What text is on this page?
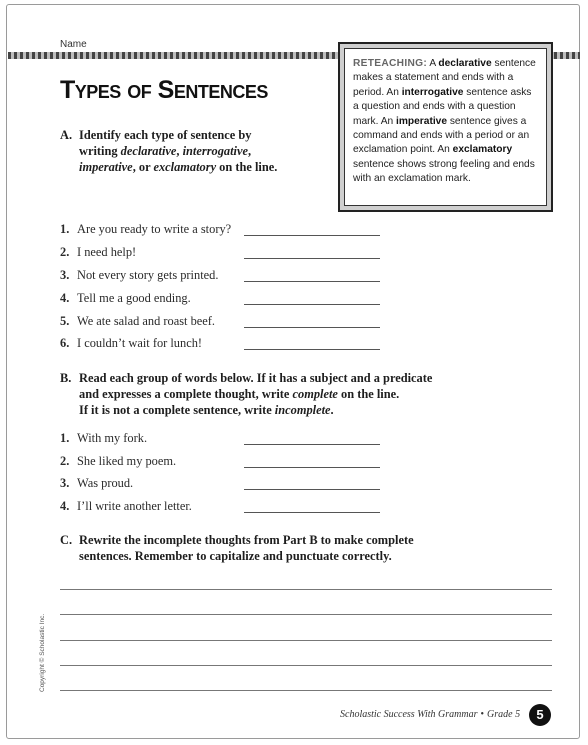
Name
Types of Sentences
RETEACHING: A declarative sentence makes a statement and ends with a period. An interrogative sentence asks a question and ends with a question mark. An imperative sentence gives a command and ends with a period or an exclamation point. An exclamatory sentence shows strong feeling and ends with an exclamation mark.
A. Identify each type of sentence by
writing declarative, interrogative,
imperative, or exclamatory on the line.
1. Are you ready to write a story?
2. I need help!
3. Not every story gets printed.
4. Tell me a good ending.
5. We ate salad and roast beef.
6. I couldn’t wait for lunch!
B. Read each group of words below. If it has a subject and a predicate
and expresses a complete thought, write complete on the line.
If it is not a complete sentence, write incomplete.
1. With my fork.
2. She liked my poem.
3. Was proud.
4. I’ll write another letter.
C. Rewrite the incomplete thoughts from Part B to make complete
sentences. Remember to capitalize and punctuate correctly.
Copyright © Scholastic Inc.
Scholastic Success With Grammar • Grade 5	5
